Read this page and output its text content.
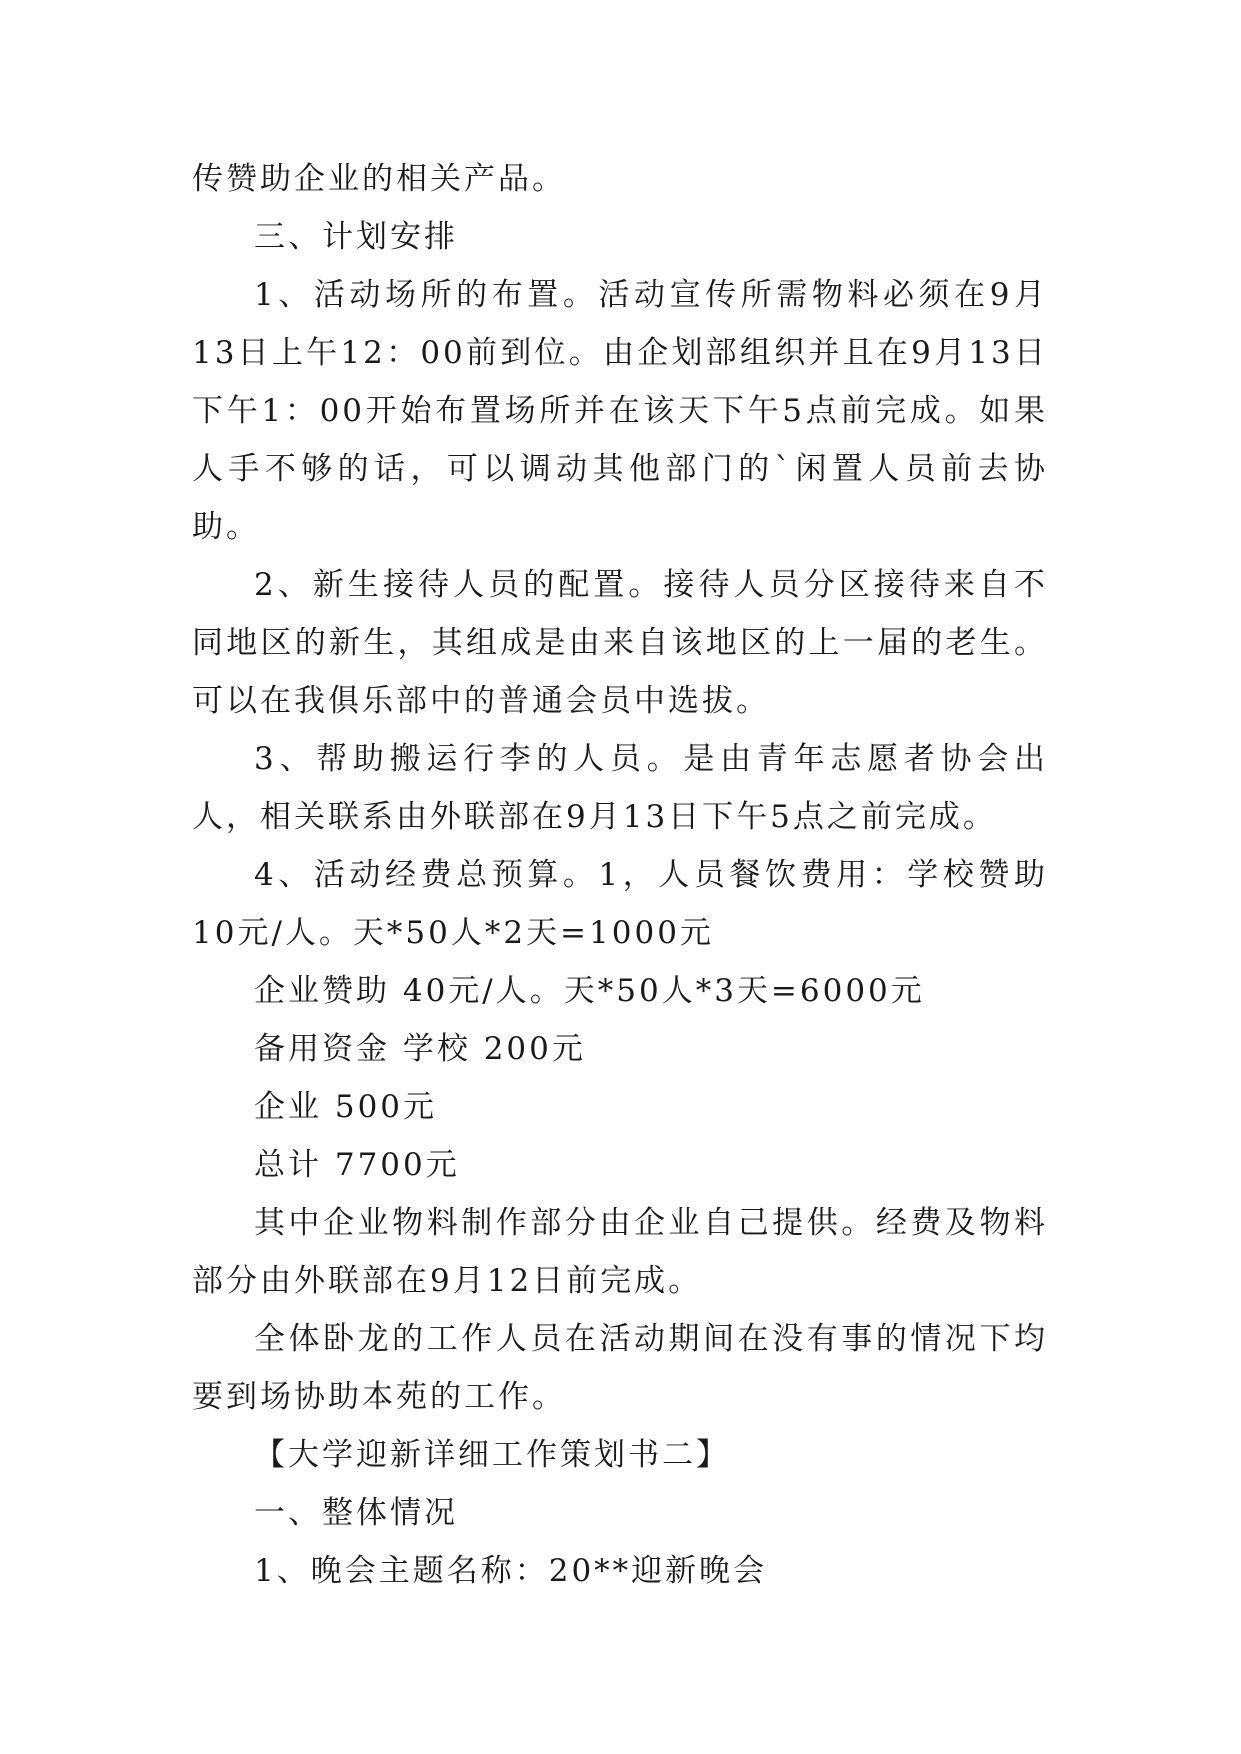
传赞助企业的相关产品。

三、计划安排

1、活动场所的布置。活动宣传所需物料必须在9月13日上午12：00前到位。由企划部组织并且在9月13日下午1：00开始布置场所并在该天下午5点前完成。如果人手不够的话，可以调动其他部门的`闲置人员前去协助。

2、新生接待人员的配置。接待人员分区接待来自不同地区的新生，其组成是由来自该地区的上一届的老生。可以在我俱乐部中的普通会员中选拔。

3、帮助搬运行李的人员。是由青年志愿者协会出人，相关联系由外联部在9月13日下午5点之前完成。

4、活动经费总预算。1，人员餐饮费用：学校赞助 10元/人。天*50人*2天=1000元

企业赞助 40元/人。天*50人*3天=6000元

备用资金 学校 200元

企业 500元

总计 7700元

其中企业物料制作部分由企业自己提供。经费及物料部分由外联部在9月12日前完成。

全体卧龙的工作人员在活动期间在没有事的情况下均要到场协助本苑的工作。

【大学迎新详细工作策划书二】

一、整体情况

1、晚会主题名称：20**迎新晚会
